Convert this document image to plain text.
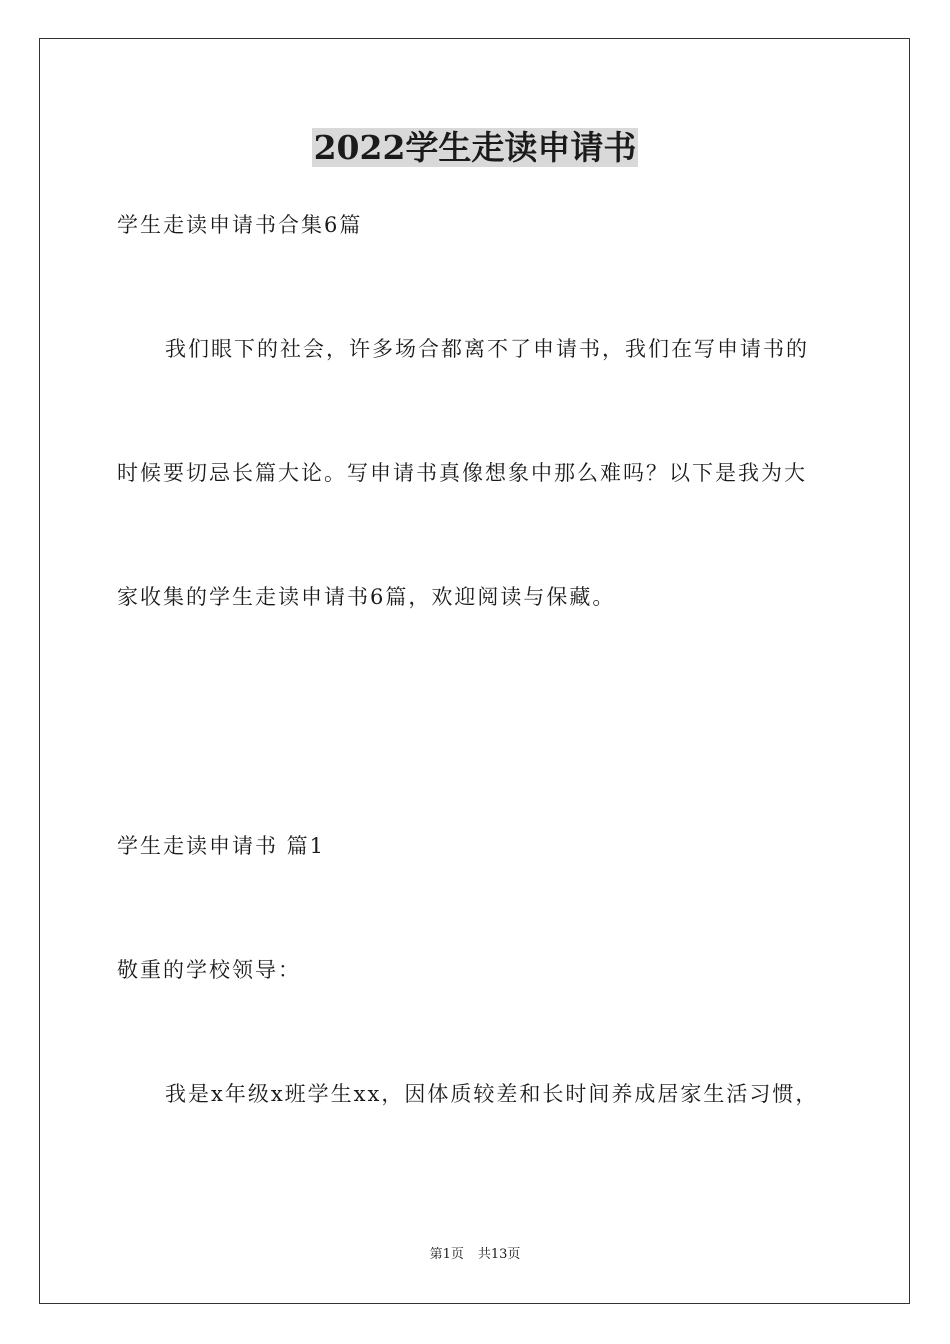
2022学生走读申请书
学生走读申请书合集6篇
我们眼下的社会，许多场合都离不了申请书，我们在写申请书的
时候要切忌长篇大论。写申请书真像想象中那么难吗？以下是我为大
家收集的学生走读申请书6篇，欢迎阅读与保藏。
学生走读申请书 篇1
敬重的学校领导：
我是x年级x班学生xx，因体质较差和长时间养成居家生活习惯，
第1页 共13页
